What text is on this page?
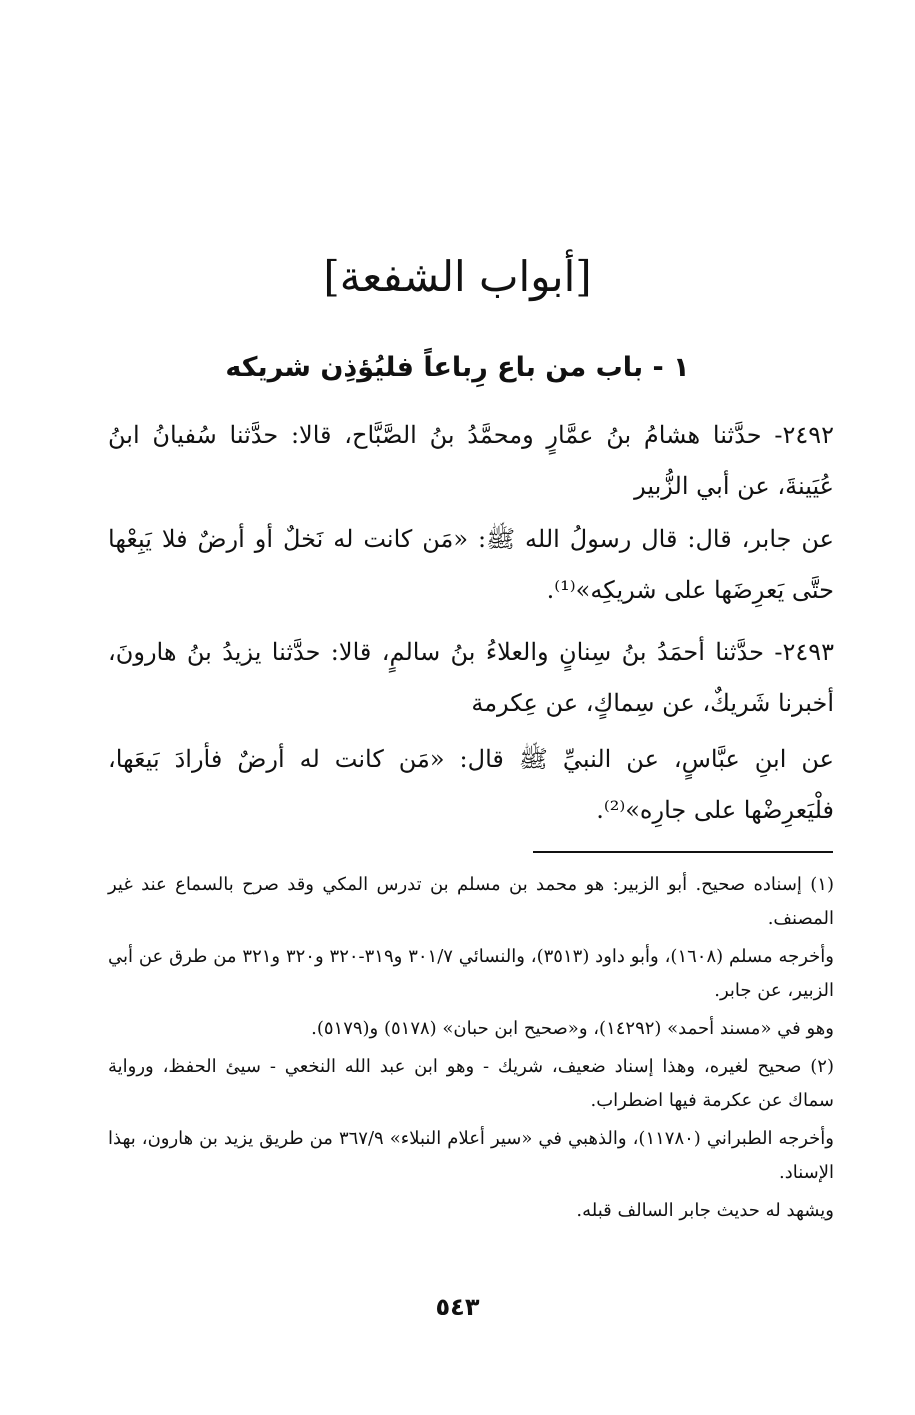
[أبواب الشفعة]
١ - باب من باع رِباعاً فليُؤذِن شريكه
٢٤٩٢- حدَّثنا هشامُ بنُ عمَّارٍ ومحمَّدُ بنُ الصَّبَّاح، قالا: حدَّثنا سُفيانُ ابنُ عُيَينةَ، عن أبي الزُّبير
عن جابر، قال: قال رسولُ الله ﷺ: «مَن كانت له نَخلٌ أو أرضٌ فلا يَبِعْها حتَّى يَعرِضَها على شريكِه»⁽¹⁾.
٢٤٩٣- حدَّثنا أحمَدُ بنُ سِنانٍ والعلاءُ بنُ سالمٍ، قالا: حدَّثنا يزيدُ بنُ هارونَ، أخبرنا شَريكٌ، عن سِماكٍ، عن عِكرمة
عن ابنِ عبَّاسٍ، عن النبيِّ ﷺ قال: «مَن كانت له أرضٌ فأرادَ بَيعَها، فلْيَعرِضْها على جارِه»⁽²⁾.

(١) إسناده صحيح. أبو الزبير: هو محمد بن مسلم بن تدرس المكي وقد صرح بالسماع عند غير المصنف.

وأخرجه مسلم (١٦٠٨)، وأبو داود (٣٥١٣)، والنسائي ٣٠١/٧ و٣١٩-٣٢٠ و٣٢٠ و٣٢١ من طرق عن أبي الزبير، عن جابر.

وهو في «مسند أحمد» (١٤٢٩٢)، و«صحيح ابن حبان» (٥١٧٨) و(٥١٧٩).

(٢) صحيح لغيره، وهذا إسناد ضعيف، شريك - وهو ابن عبد الله النخعي - سيئ الحفظ، ورواية سماك عن عكرمة فيها اضطراب.

وأخرجه الطبراني (١١٧٨٠)، والذهبي في «سير أعلام النبلاء» ٣٦٧/٩ من طريق يزيد بن هارون، بهذا الإسناد.

ويشهد له حديث جابر السالف قبله.

٥٤٣
